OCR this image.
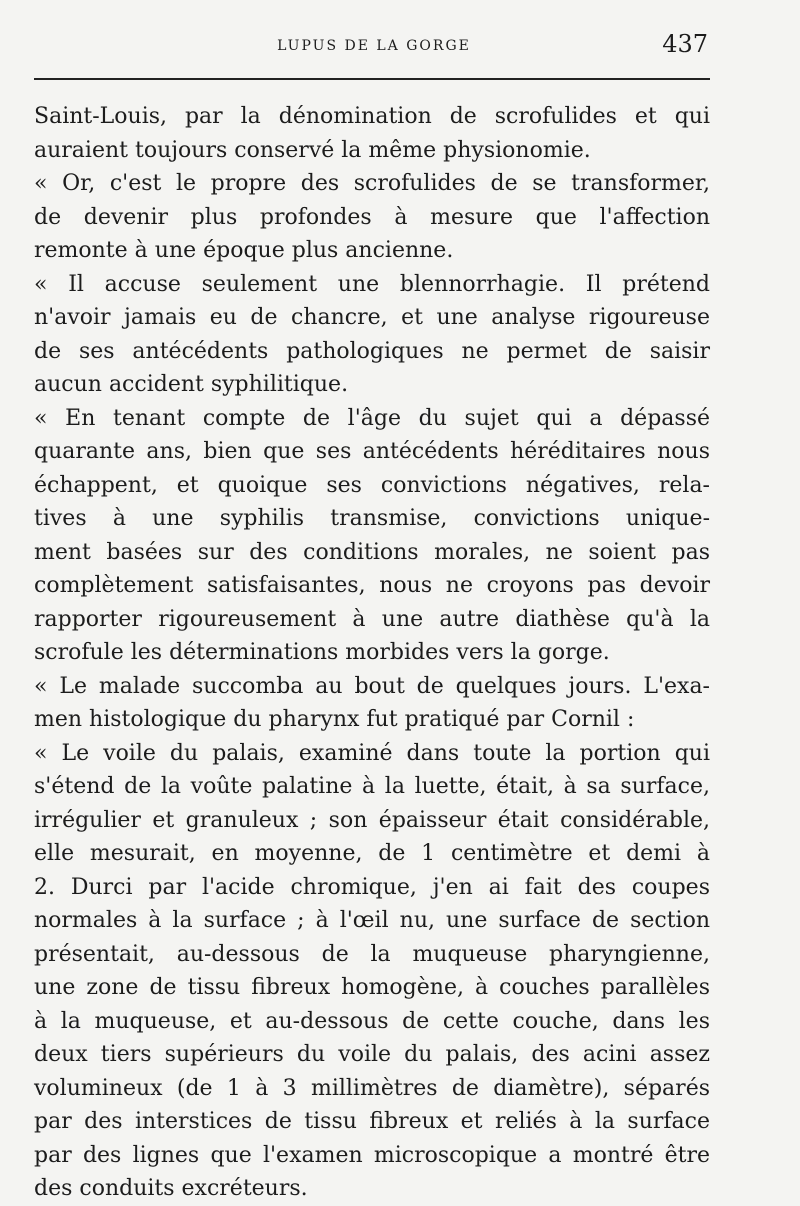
LUPUS DE LA GORGE	437
Saint-Louis, par la dénomination de scrofulides et qui
auraient toujours conservé la même physionomie.
« Or, c'est le propre des scrofulides de se transformer,
de devenir plus profondes à mesure que l'affection
remonte à une époque plus ancienne.
« Il accuse seulement une blennorrhagie. Il prétend
n'avoir jamais eu de chancre, et une analyse rigoureuse
de ses antécédents pathologiques ne permet de saisir
aucun accident syphilitique.
« En tenant compte de l'âge du sujet qui a dépassé
quarante ans, bien que ses antécédents héréditaires nous
échappent, et quoique ses convictions négatives, rela-
tives à une syphilis transmise, convictions unique-
ment basées sur des conditions morales, ne soient pas
complètement satisfaisantes, nous ne croyons pas devoir
rapporter rigoureusement à une autre diathèse qu'à la
scrofule les déterminations morbides vers la gorge.
« Le malade succomba au bout de quelques jours. L'exa-
men histologique du pharynx fut pratiqué par Cornil :
« Le voile du palais, examiné dans toute la portion qui
s'étend de la voûte palatine à la luette, était, à sa surface,
irrégulier et granuleux ; son épaisseur était considérable,
elle mesurait, en moyenne, de 1 centimètre et demi à
2. Durci par l'acide chromique, j'en ai fait des coupes
normales à la surface ; à l'œil nu, une surface de section
présentait, au-dessous de la muqueuse pharyngienne,
une zone de tissu fibreux homogène, à couches parallèles
à la muqueuse, et au-dessous de cette couche, dans les
deux tiers supérieurs du voile du palais, des acini assez
volumineux (de 1 à 3 millimètres de diamètre), séparés
par des interstices de tissu fibreux et reliés à la surface
par des lignes que l'examen microscopique a montré être
des conduits excréteurs.
